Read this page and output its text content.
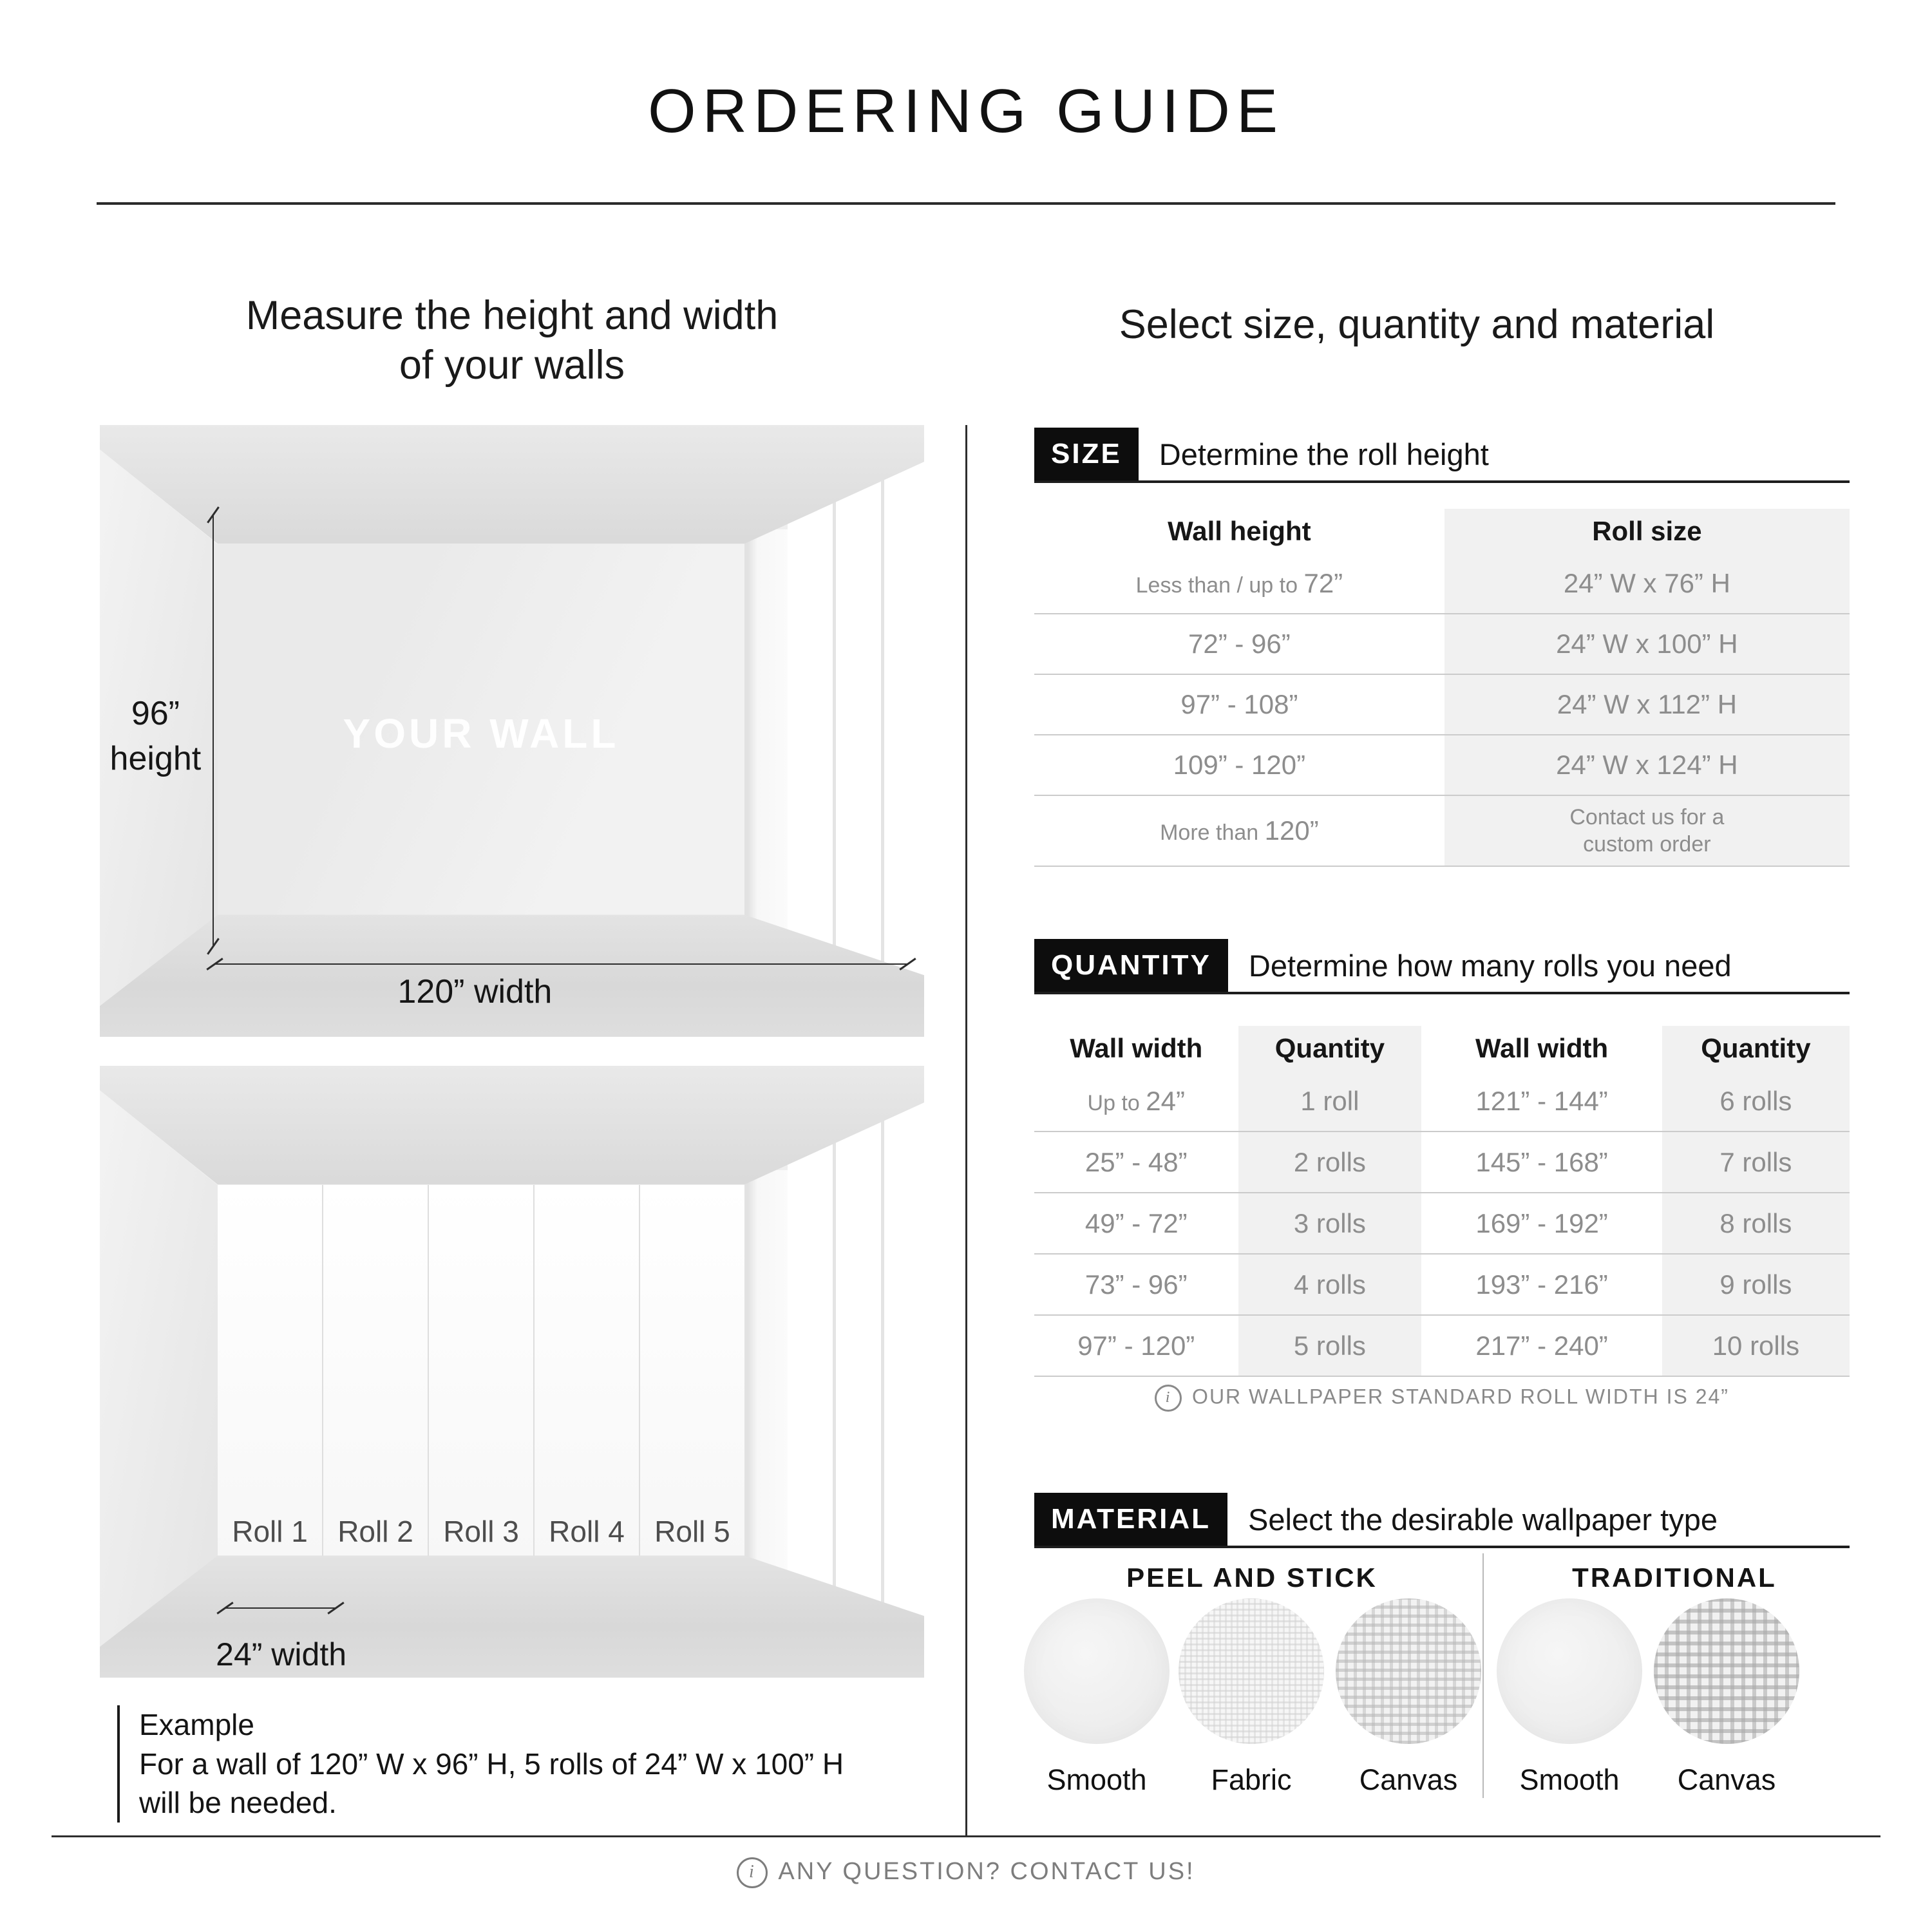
ORDERING GUIDE
Measure the height and width
of your walls
YOUR WALL
96”
height
120” width
Roll 1	Roll 2	Roll 3	Roll 4	Roll 5
24” width
Example
For a wall of 120” W x 96” H, 5 rolls of 24” W x 100” H
will be needed.
Select size, quantity and material
SIZE	Determine the roll height
Wall height	Roll size
Less than / up to 72”	24” W x 76” H
72” - 96”	24” W x 100” H
97” - 108”	24” W x 112” H
109” - 120”	24” W x 124” H
More than 120”	Contact us for a
custom order
QUANTITY	Determine how many rolls you need
Wall width	Quantity	Wall width	Quantity
Up to 24”	1 roll	121” - 144”	6 rolls
25” - 48”	2 rolls	145” - 168”	7 rolls
49” - 72”	3 rolls	169” - 192”	8 rolls
73” - 96”	4 rolls	193” - 216”	9 rolls
97” - 120”	5 rolls	217” - 240”	10 rolls
i OUR WALLPAPER STANDARD ROLL WIDTH IS 24”
MATERIAL	Select the desirable wallpaper type
PEEL AND STICK	TRADITIONAL
Smooth	Fabric	Canvas	Smooth	Canvas
i ANY QUESTION? CONTACT US!
